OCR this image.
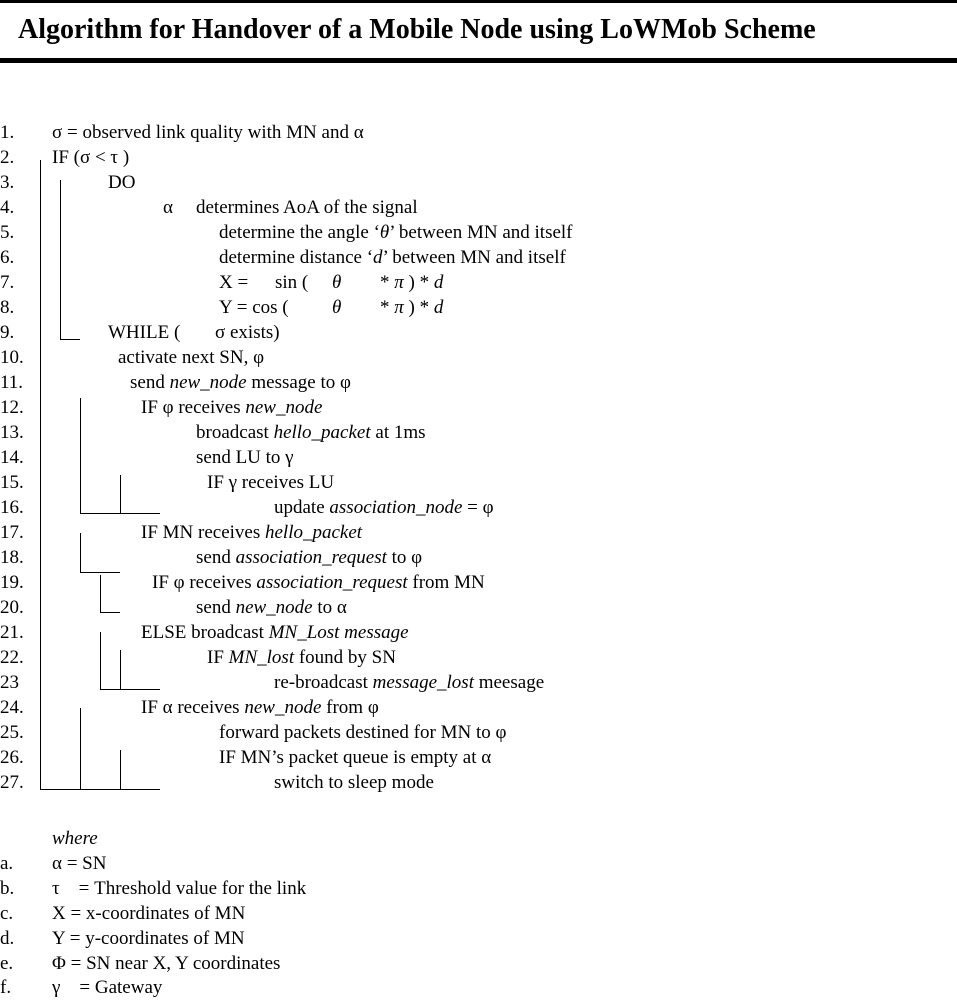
Algorithm for Handover of a Mobile Node using LoWMob Scheme
1. σ = observed link quality with MN and α
2. IF (σ < τ )
3.	DO
4.	α determines AoA of the signal
5.	determine the angle ‘θ’ between MN and itself
6.	determine distance ‘d’ between MN and itself
7.	X = sin ( θ * π ) * d
8.	Y = cos ( θ * π ) * d
9.	WHILE ( σ exists)
10.	activate next SN, φ
11.	send new_node message to φ
12.	IF φ receives new_node
13.	broadcast hello_packet at 1ms
14.	send LU to γ
15.	IF γ receives LU
16.	update association_node = φ
17.	IF MN receives hello_packet
18.	send association_request to φ
19.	IF φ receives association_request from MN
20.	send new_node to α
21.	ELSE broadcast MN_Lost message
22.	IF MN_lost found by SN
23	re-broadcast message_lost meesage
24.	IF α receives new_node from φ
25.	forward packets destined for MN to φ
26.	IF MN’s packet queue is empty at α
27.	switch to sleep mode
where
a. α = SN
b. τ    = Threshold value for the link
c. X = x-coordinates of MN
d. Y = y-coordinates of MN
e. Φ = SN near X, Y coordinates
f. γ    = Gateway
